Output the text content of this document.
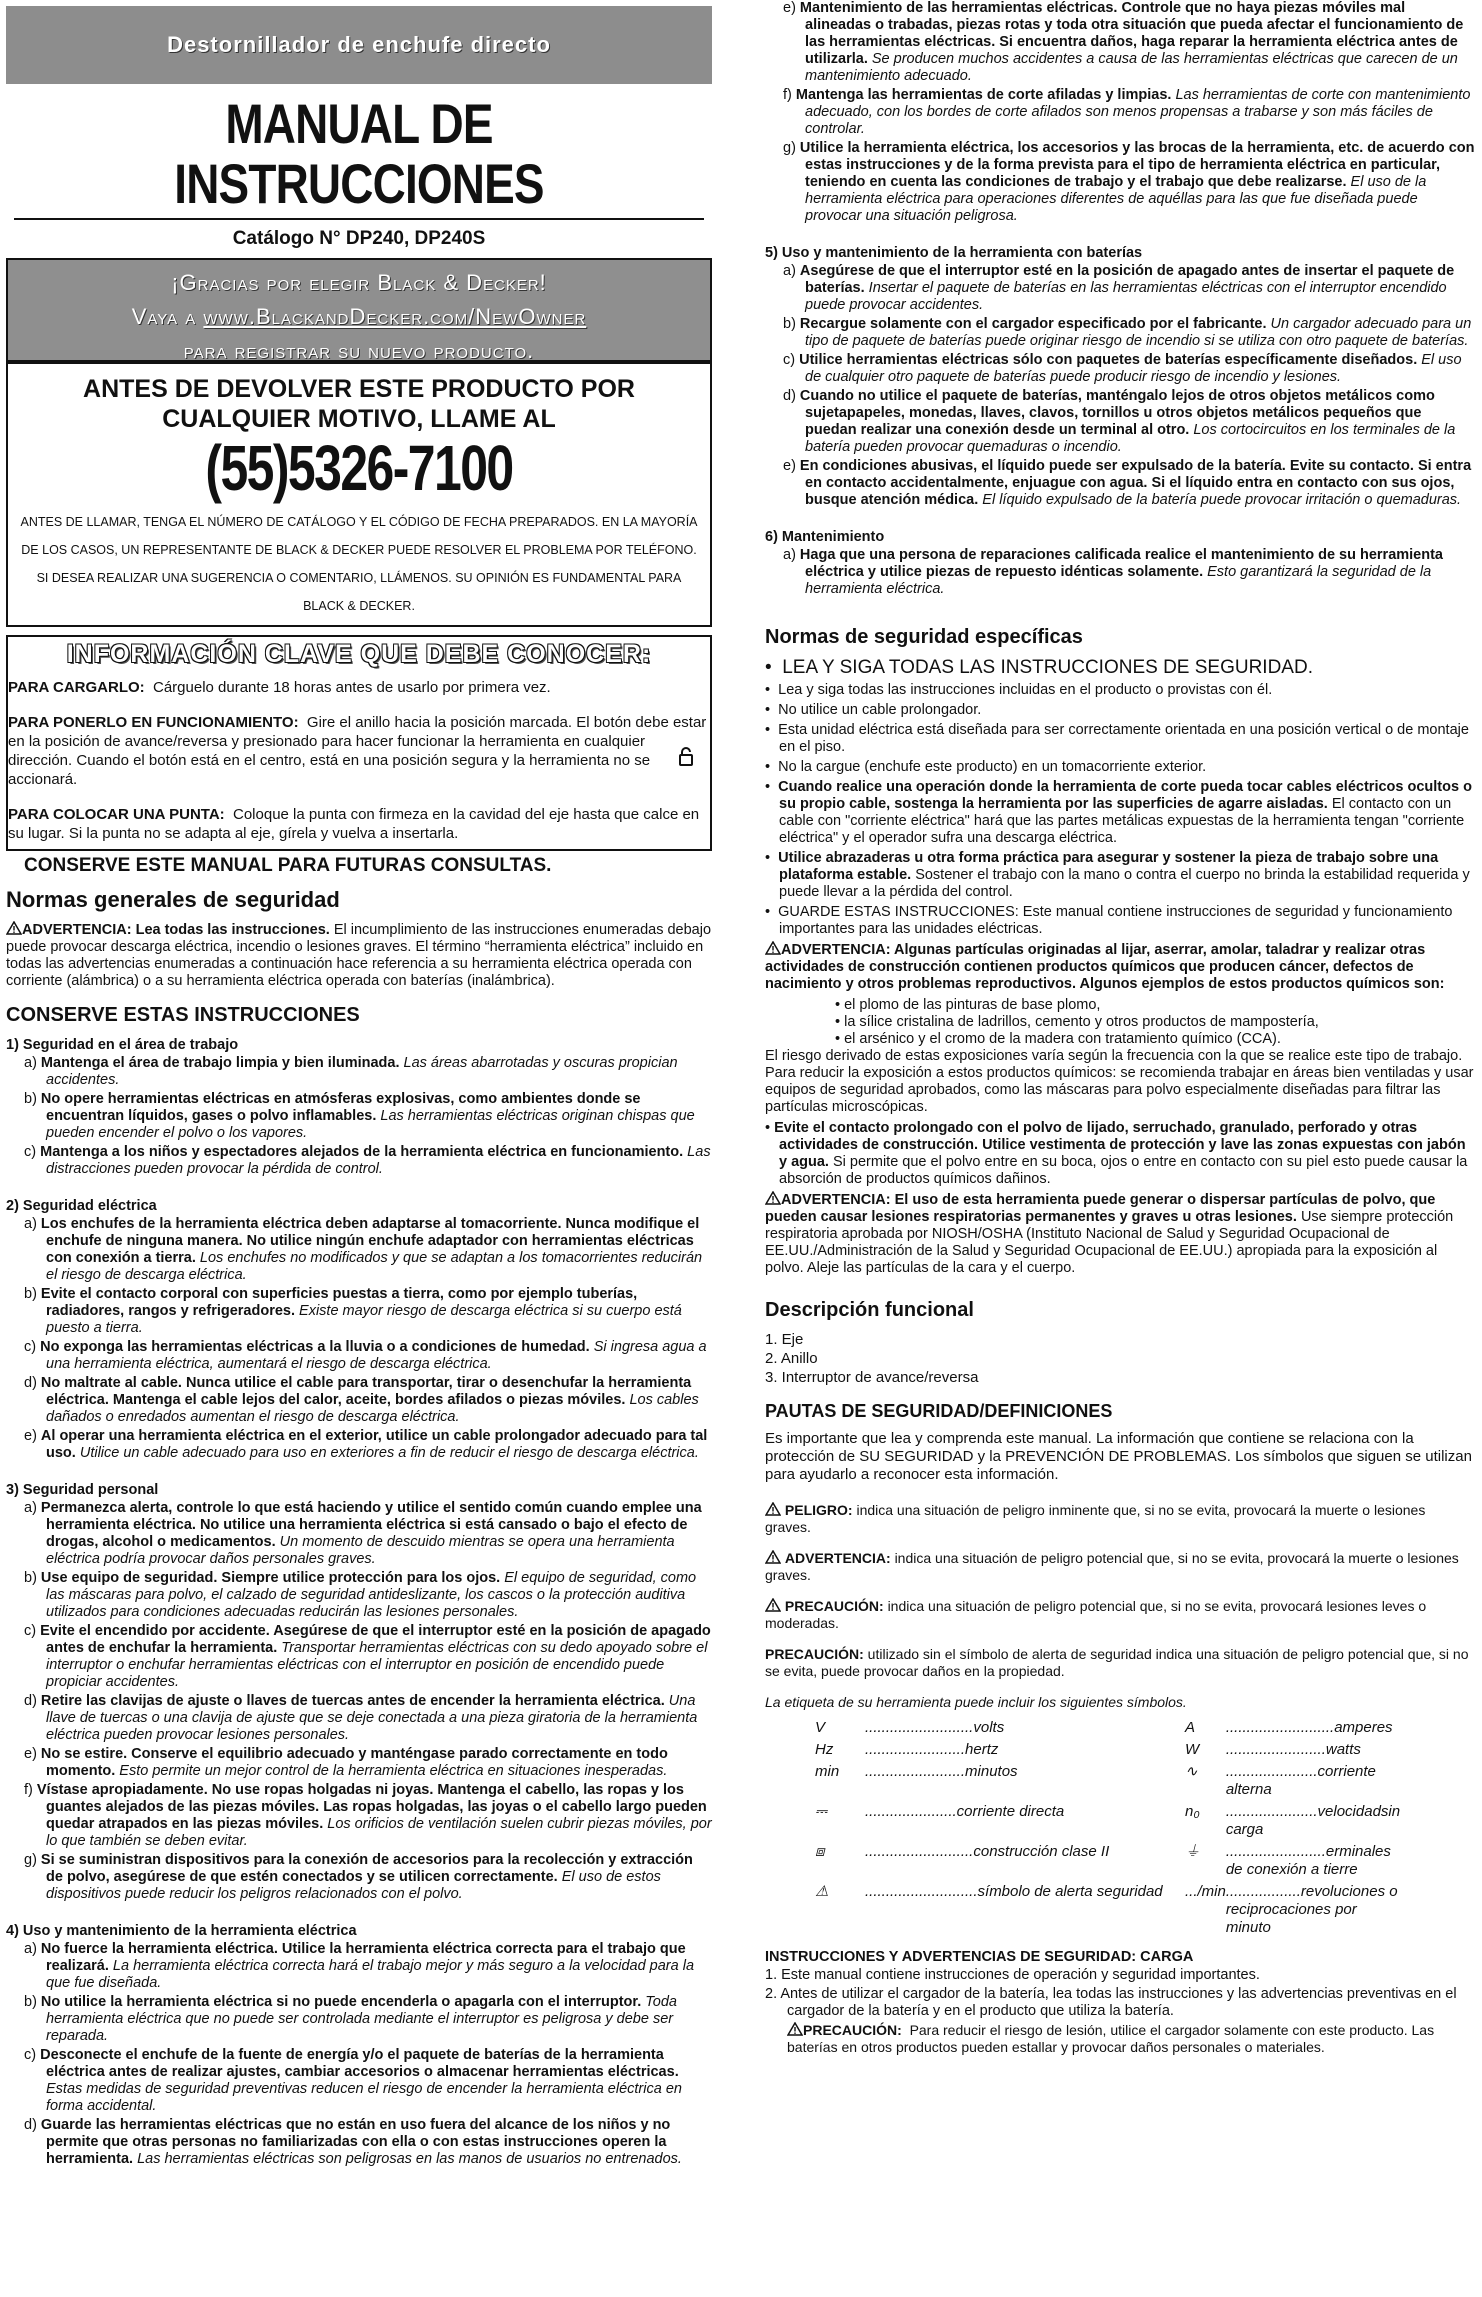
Destornillador de enchufe directo
MANUAL DE INSTRUCCIONES
Catálogo N° DP240, DP240S
¡Gracias por elegir Black & Decker!
Vaya a www.BlackandDecker.com/NewOwner
para registrar su nuevo producto.
ANTES DE DEVOLVER ESTE PRODUCTO POR CUALQUIER MOTIVO, LLAME AL
(55)5326-7100
ANTES DE LLAMAR, TENGA EL NÚMERO DE CATÁLOGO Y EL CÓDIGO DE FECHA PREPARADOS. EN LA MAYORÍA DE LOS CASOS, UN REPRESENTANTE DE BLACK & DECKER PUEDE RESOLVER EL PROBLEMA POR TELÉFONO. SI DESEA REALIZAR UNA SUGERENCIA O COMENTARIO, LLÁMENOS. SU OPINIÓN ES FUNDAMENTAL PARA BLACK & DECKER.
INFORMACIÓN CLAVE QUE DEBE CONOCER:

PARA CARGARLO: Cárguelo durante 18 horas antes de usarlo por primera vez.

PARA PONERLO EN FUNCIONAMIENTO: Gire el anillo hacia la posición marcada. El botón debe estar en la posición de avance/reversa y presionado para hacer funcionar la herramienta en cualquier dirección. Cuando el botón está en el centro, está en una posición segura y la herramienta no se accionará.

PARA COLOCAR UNA PUNTA: Coloque la punta con firmeza en la cavidad del eje hasta que calce en su lugar. Si la punta no se adapta al eje, gírela y vuelva a insertarla.

CONSERVE ESTE MANUAL PARA FUTURAS CONSULTAS.
Normas generales de seguridad

ADVERTENCIA: Lea todas las instrucciones. El incumplimiento de las instrucciones enumeradas debajo puede provocar descarga eléctrica, incendio o lesiones graves. El término “herramienta eléctrica” incluido en todas las advertencias enumeradas a continuación hace referencia a su herramienta eléctrica operada con corriente (alámbrica) o a su herramienta eléctrica operada con baterías (inalámbrica).

CONSERVE ESTAS INSTRUCCIONES
1) Seguridad en el área de trabajo
a) Mantenga el área de trabajo limpia y bien iluminada. Las áreas abarrotadas y oscuras propician accidentes.
b) No opere herramientas eléctricas en atmósferas explosivas, como ambientes donde se encuentran líquidos, gases o polvo inflamables. Las herramientas eléctricas originan chispas que pueden encender el polvo o los vapores.
c) Mantenga a los niños y espectadores alejados de la herramienta eléctrica en funcionamiento. Las distracciones pueden provocar la pérdida de control.
2) Seguridad eléctrica
a) Los enchufes de la herramienta eléctrica deben adaptarse al tomacorriente. Nunca modifique el enchufe de ninguna manera. No utilice ningún enchufe adaptador con herramientas eléctricas con conexión a tierra. Los enchufes no modificados y que se adaptan a los tomacorrientes reducirán el riesgo de descarga eléctrica.
b) Evite el contacto corporal con superficies puestas a tierra, como por ejemplo tuberías, radiadores, rangos y refrigeradores. Existe mayor riesgo de descarga eléctrica si su cuerpo está puesto a tierra.
c) No exponga las herramientas eléctricas a la lluvia o a condiciones de humedad. Si ingresa agua a una herramienta eléctrica, aumentará el riesgo de descarga eléctrica.
d) No maltrate al cable. Nunca utilice el cable para transportar, tirar o desenchufar la herramienta eléctrica. Mantenga el cable lejos del calor, aceite, bordes afilados o piezas móviles. Los cables dañados o enredados aumentan el riesgo de descarga eléctrica.
e) Al operar una herramienta eléctrica en el exterior, utilice un cable prolongador adecuado para tal uso. Utilice un cable adecuado para uso en exteriores a fin de reducir el riesgo de descarga eléctrica.
3) Seguridad personal
a) Permanezca alerta, controle lo que está haciendo y utilice el sentido común cuando emplee una herramienta eléctrica. No utilice una herramienta eléctrica si está cansado o bajo el efecto de drogas, alcohol o medicamentos. Un momento de descuido mientras se opera una herramienta eléctrica podría provocar daños personales graves.
b) Use equipo de seguridad. Siempre utilice protección para los ojos. El equipo de seguridad, como las máscaras para polvo, el calzado de seguridad antideslizante, los cascos o la protección auditiva utilizados para condiciones adecuadas reducirán las lesiones personales.
c) Evite el encendido por accidente. Asegúrese de que el interruptor esté en la posición de apagado antes de enchufar la herramienta. Transportar herramientas eléctricas con su dedo apoyado sobre el interruptor o enchufar herramientas eléctricas con el interruptor en posición de encendido puede propiciar accidentes.
d) Retire las clavijas de ajuste o llaves de tuercas antes de encender la herramienta eléctrica. Una llave de tuercas o una clavija de ajuste que se deje conectada a una pieza giratoria de la herramienta eléctrica pueden provocar lesiones personales.
e) No se estire. Conserve el equilibrio adecuado y manténgase parado correctamente en todo momento. Esto permite un mejor control de la herramienta eléctrica en situaciones inesperadas.
f) Vístase apropiadamente. No use ropas holgadas ni joyas. Mantenga el cabello, las ropas y los guantes alejados de las piezas móviles. Las ropas holgadas, las joyas o el cabello largo pueden quedar atrapados en las piezas móviles. Los orificios de ventilación suelen cubrir piezas móviles, por lo que también se deben evitar.
g) Si se suministran dispositivos para la conexión de accesorios para la recolección y extracción de polvo, asegúrese de que estén conectados y se utilicen correctamente. El uso de estos dispositivos puede reducir los peligros relacionados con el polvo.
4) Uso y mantenimiento de la herramienta eléctrica
a) No fuerce la herramienta eléctrica. Utilice la herramienta eléctrica correcta para el trabajo que realizará. La herramienta eléctrica correcta hará el trabajo mejor y más seguro a la velocidad para la que fue diseñada.
b) No utilice la herramienta eléctrica si no puede encenderla o apagarla con el interruptor. Toda herramienta eléctrica que no puede ser controlada mediante el interruptor es peligrosa y debe ser reparada.
c) Desconecte el enchufe de la fuente de energía y/o el paquete de baterías de la herramienta eléctrica antes de realizar ajustes, cambiar accesorios o almacenar herramientas eléctricas. Estas medidas de seguridad preventivas reducen el riesgo de encender la herramienta eléctrica en forma accidental.
d) Guarde las herramientas eléctricas que no están en uso fuera del alcance de los niños y no permite que otras personas no familiarizadas con ella o con estas instrucciones operen la herramienta. Las herramientas eléctricas son peligrosas en las manos de usuarios no entrenados.
e) Mantenimiento de las herramientas eléctricas. Controle que no haya piezas móviles mal alineadas o trabadas, piezas rotas y toda otra situación que pueda afectar el funcionamiento de las herramientas eléctricas. Si encuentra daños, haga reparar la herramienta eléctrica antes de utilizarla. Se producen muchos accidentes a causa de las herramientas eléctricas que carecen de un mantenimiento adecuado.
f) Mantenga las herramientas de corte afiladas y limpias. Las herramientas de corte con mantenimiento adecuado, con los bordes de corte afilados son menos propensas a trabarse y son más fáciles de controlar.
g) Utilice la herramienta eléctrica, los accesorios y las brocas de la herramienta, etc. de acuerdo con estas instrucciones y de la forma prevista para el tipo de herramienta eléctrica en particular, teniendo en cuenta las condiciones de trabajo y el trabajo que debe realizarse. El uso de la herramienta eléctrica para operaciones diferentes de aquéllas para las que fue diseñada puede provocar una situación peligrosa.
5) Uso y mantenimiento de la herramienta con baterías
a) Asegúrese de que el interruptor esté en la posición de apagado antes de insertar el paquete de baterías. Insertar el paquete de baterías en las herramientas eléctricas con el interruptor encendido puede provocar accidentes.
b) Recargue solamente con el cargador especificado por el fabricante. Un cargador adecuado para un tipo de paquete de baterías puede originar riesgo de incendio si se utiliza con otro paquete de baterías.
c) Utilice herramientas eléctricas sólo con paquetes de baterías específicamente diseñados. El uso de cualquier otro paquete de baterías puede producir riesgo de incendio y lesiones.
d) Cuando no utilice el paquete de baterías, manténgalo lejos de otros objetos metálicos como sujetapapeles, monedas, llaves, clavos, tornillos u otros objetos metálicos pequeños que puedan realizar una conexión desde un terminal al otro. Los cortocircuitos en los terminales de la batería pueden provocar quemaduras o incendio.
e) En condiciones abusivas, el líquido puede ser expulsado de la batería. Evite su contacto. Si entra en contacto accidentalmente, enjuague con agua. Si el líquido entra en contacto con sus ojos, busque atención médica. El líquido expulsado de la batería puede provocar irritación o quemaduras.
6) Mantenimiento
a) Haga que una persona de reparaciones calificada realice el mantenimiento de su herramienta eléctrica y utilice piezas de repuesto idénticas solamente. Esto garantizará la seguridad de la herramienta eléctrica.
Normas de seguridad específicas
•  LEA Y SIGA TODAS LAS INSTRUCCIONES DE SEGURIDAD.
•  Lea y siga todas las instrucciones incluidas en el producto o provistas con él.
•  No utilice un cable prolongador.
•  Esta unidad eléctrica está diseñada para ser correctamente orientada en una posición vertical o de montaje en el piso.
•  No la cargue (enchufe este producto) en un tomacorriente exterior.
•  Cuando realice una operación donde la herramienta de corte pueda tocar cables eléctricos ocultos o su propio cable, sostenga la herramienta por las superficies de agarre aisladas. El contacto con un cable con "corriente eléctrica" hará que las partes metálicas expuestas de la herramienta tengan "corriente eléctrica" y el operador sufra una descarga eléctrica.
•  Utilice abrazaderas u otra forma práctica para asegurar y sostener la pieza de trabajo sobre una plataforma estable. Sostener el trabajo con la mano o contra el cuerpo no brinda la estabilidad requerida y puede llevar a la pérdida del control.
•  GUARDE ESTAS INSTRUCCIONES: Este manual contiene instrucciones de seguridad y funcionamiento importantes para las unidades eléctricas.

ADVERTENCIA: Algunas partículas originadas al lijar, aserrar, amolar, taladrar y realizar otras actividades de construcción contienen productos químicos que producen cáncer, defectos de nacimiento y otros problemas reproductivos. Algunos ejemplos de estos productos químicos son:

• el plomo de las pinturas de base plomo,
• la sílice cristalina de ladrillos, cemento y otros productos de mampostería,
• el arsénico y el cromo de la madera con tratamiento químico (CCA).

El riesgo derivado de estas exposiciones varía según la frecuencia con la que se realice este tipo de trabajo. Para reducir la exposición a estos productos químicos: se recomienda trabajar en áreas bien ventiladas y usar equipos de seguridad aprobados, como las máscaras para polvo especialmente diseñadas para filtrar las partículas microscópicas.

• Evite el contacto prolongado con el polvo de lijado, serruchado, granulado, perforado y otras actividades de construcción. Utilice vestimenta de protección y lave las zonas expuestas con jabón y agua. Si permite que el polvo entre en su boca, ojos o entre en contacto con su piel esto puede causar la absorción de productos químicos dañinos.

ADVERTENCIA: El uso de esta herramienta puede generar o dispersar partículas de polvo, que pueden causar lesiones respiratorias permanentes y graves u otras lesiones. Use siempre protección respiratoria aprobada por NIOSH/OSHA (Instituto Nacional de Salud y Seguridad Ocupacional de EE.UU./Administración de la Salud y Seguridad Ocupacional de EE.UU.) apropiada para la exposición al polvo. Aleje las partículas de la cara y el cuerpo.

Descripción funcional
1. Eje
2. Anillo
3. Interruptor de avance/reversa
PAUTAS DE SEGURIDAD/DEFINICIONES

Es importante que lea y comprenda este manual. La información que contiene se relaciona con la protección de SU SEGURIDAD y la PREVENCIÓN DE PROBLEMAS. Los símbolos que siguen se utilizan para ayudarlo a reconocer esta información.

PELIGRO: indica una situación de peligro inminente que, si no se evita, provocará la muerte o lesiones graves.

ADVERTENCIA: indica una situación de peligro potencial que, si no se evita, provocará la muerte o lesiones graves.

PRECAUCIÓN: indica una situación de peligro potencial que, si no se evita, provocará lesiones leves o moderadas.

PRECAUCIÓN: utilizado sin el símbolo de alerta de seguridad indica una situación de peligro potencial que, si no se evita, puede provocar daños en la propiedad.

La etiqueta de su herramienta puede incluir los siguientes símbolos.

V	..........................volts	A	..........................amperes
Hz	........................hertz	W	........................watts
min	........................minutos	∿	......................corriente alterna
⎓	......................corriente directa	n₀	......................velocidadsin carga
⧈	..........................construcción clase II	⏚	........................erminales de conexión a tierre
⚠	...........................símbolo de alerta seguridad	.../min	..................revoluciones o reciprocaciones por minuto
INSTRUCCIONES Y ADVERTENCIAS DE SEGURIDAD: CARGA
1. Este manual contiene instrucciones de operación y seguridad importantes.
2. Antes de utilizar el cargador de la batería, lea todas las instrucciones y las advertencias preventivas en el cargador de la batería y en el producto que utiliza la batería.

PRECAUCIÓN: Para reducir el riesgo de lesión, utilice el cargador solamente con este producto. Las baterías en otros productos pueden estallar y provocar daños personales o materiales.
